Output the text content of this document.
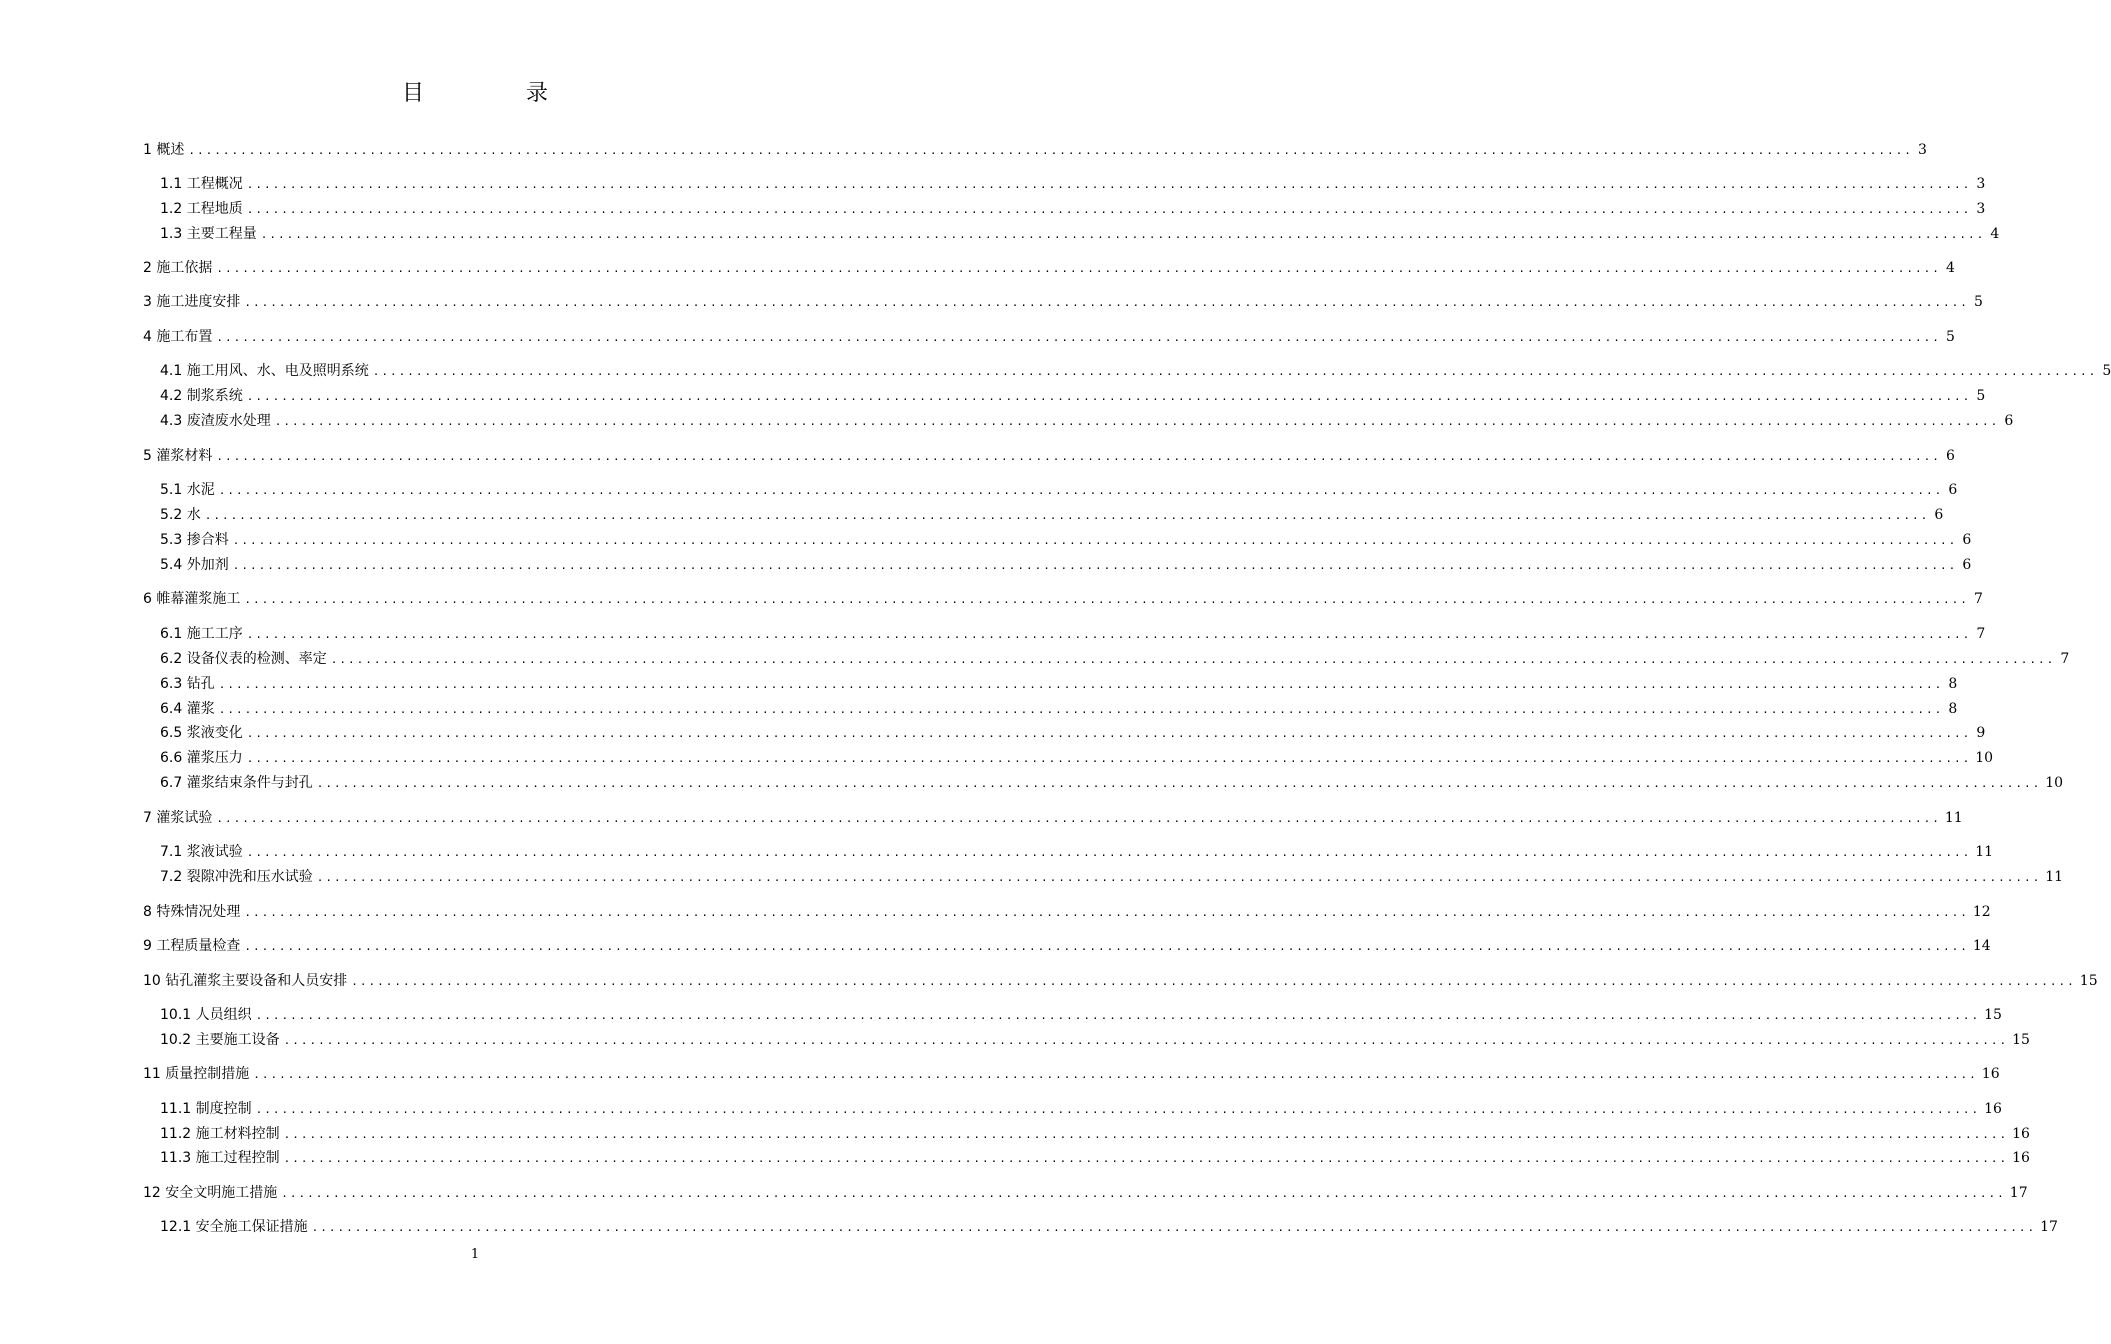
目　录
1 概述 ........................................................................................................................................................................................................ 3
1.1 工程概况 ........................................................................................................................................................................................................ 3
1.2 工程地质 ........................................................................................................................................................................................................ 3
1.3 主要工程量 ........................................................................................................................................................................................................ 4
2 施工依据 ........................................................................................................................................................................................................ 4
3 施工进度安排 ........................................................................................................................................................................................................ 5
4 施工布置 ........................................................................................................................................................................................................ 5
4.1 施工用风、水、电及照明系统 ........................................................................................................................................................................................................ 5
4.2 制浆系统 ........................................................................................................................................................................................................ 5
4.3 废渣废水处理 ........................................................................................................................................................................................................ 6
5 灌浆材料 ........................................................................................................................................................................................................ 6
5.1 水泥 ........................................................................................................................................................................................................ 6
5.2 水 ........................................................................................................................................................................................................ 6
5.3 掺合料 ........................................................................................................................................................................................................ 6
5.4 外加剂 ........................................................................................................................................................................................................ 6
6 帷幕灌浆施工 ........................................................................................................................................................................................................ 7
6.1 施工工序 ........................................................................................................................................................................................................ 7
6.2 设备仪表的检测、率定 ........................................................................................................................................................................................................ 7
6.3 钻孔 ........................................................................................................................................................................................................ 8
6.4 灌浆 ........................................................................................................................................................................................................ 8
6.5 浆液变化 ........................................................................................................................................................................................................ 9
6.6 灌浆压力 ........................................................................................................................................................................................................ 10
6.7 灌浆结束条件与封孔 ........................................................................................................................................................................................................ 10
7 灌浆试验 ........................................................................................................................................................................................................ 11
7.1 浆液试验 ........................................................................................................................................................................................................ 11
7.2 裂隙冲洗和压水试验 ........................................................................................................................................................................................................ 11
8 特殊情况处理 ........................................................................................................................................................................................................ 12
9 工程质量检查 ........................................................................................................................................................................................................ 14
10 钻孔灌浆主要设备和人员安排 ........................................................................................................................................................................................................ 15
10.1 人员组织 ........................................................................................................................................................................................................ 15
10.2 主要施工设备 ........................................................................................................................................................................................................ 15
11 质量控制措施 ........................................................................................................................................................................................................ 16
11.1 制度控制 ........................................................................................................................................................................................................ 16
11.2 施工材料控制 ........................................................................................................................................................................................................ 16
11.3 施工过程控制 ........................................................................................................................................................................................................ 16
12 安全文明施工措施 ........................................................................................................................................................................................................ 17
12.1 安全施工保证措施 ........................................................................................................................................................................................................ 17
1
